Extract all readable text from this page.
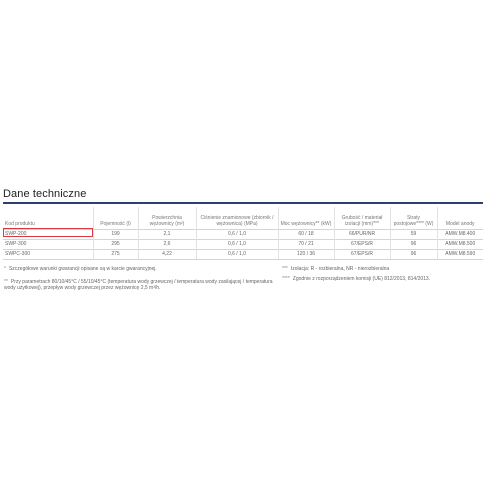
Dane techniczne
Kod produktu	Pojemność (l)	Powierzchnia wężownicy (m²)	Ciśnienie znamionowe (zbiornik / wężownica) (MPa)	Moc wężownicy** (kW)	Grubość / materiał izolacji (mm)***	Straty postojowe**** (W)	Model anody
SWP-200	199	2,1	0,6 / 1,0	60 / 18	66/PUR/NR	59	AMW.M8.400
SWP-300	295	2,6	0,6 / 1,0	70 / 21	67/EPS/R	96	AMW.M8.500
SWPC-300	275	4,22	0,6 / 1,0	120 / 36	67/EPS/R	96	AMW.M8.590
* Szczegółowe warunki gwarancji opisane są w karcie gwarancyjnej.
** Przy parametrach 80/10/45°C / 55/10/45°C (temperatura wody grzewczej / temperatura wody zasilającej / temperatura wody użytkowej), przepływ wody grzewczej przez wężownicę 2,5 m³/h.
*** Izolacja: R - rozbieralna, NR - nierozbieralna
**** Zgodnie z rozporządzeniem komisji (UE) 812/2013, 814/2013.
